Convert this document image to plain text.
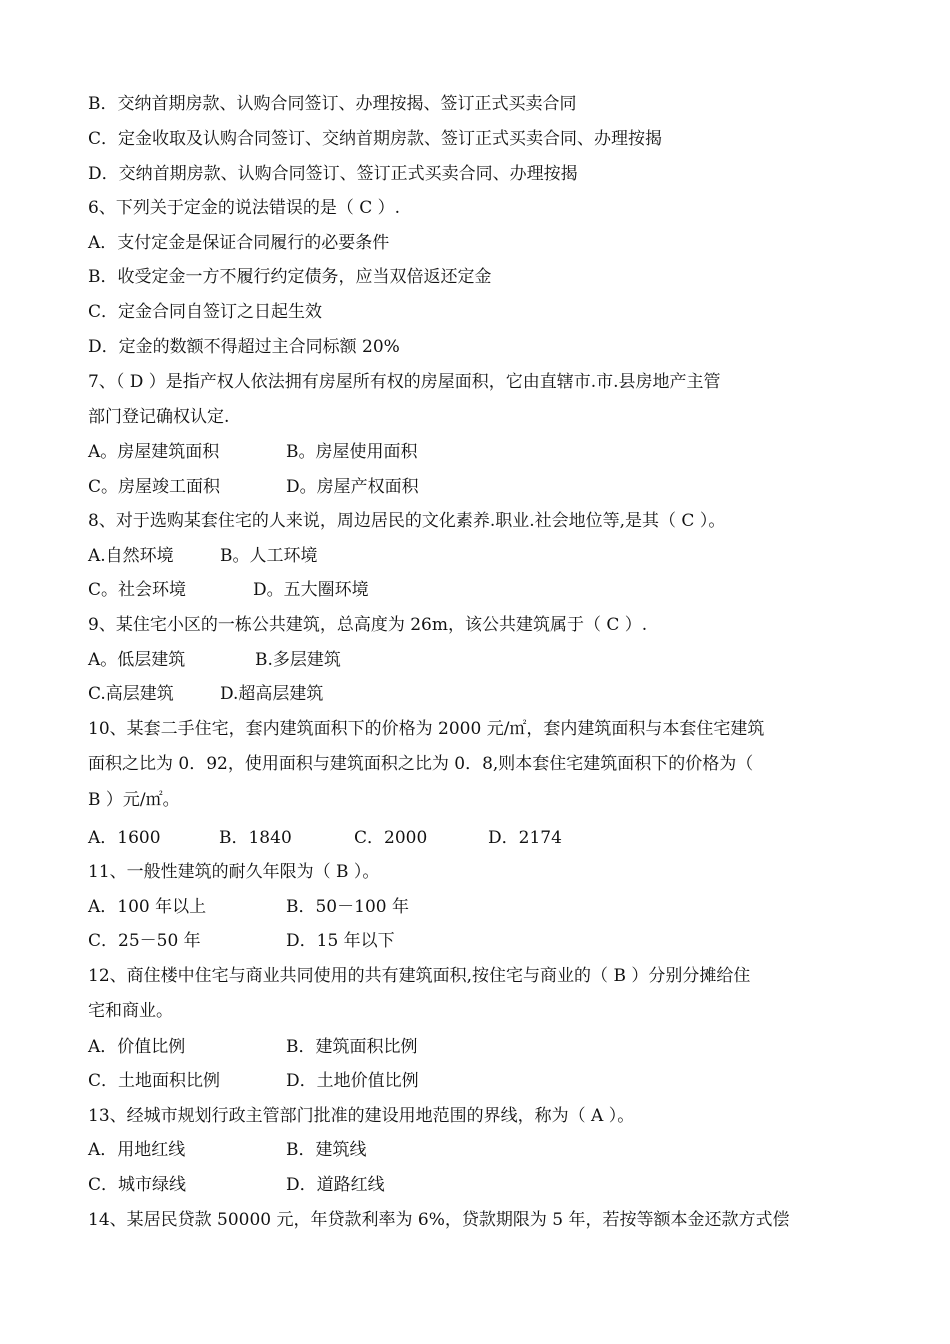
B．交纳首期房款、认购合同签订、办理按揭、签订正式买卖合同
C．定金收取及认购合同签订、交纳首期房款、签订正式买卖合同、办理按揭
D．交纳首期房款、认购合同签订、签订正式买卖合同、办理按揭
6、下列关于定金的说法错误的是（ C ）.
A．支付定金是保证合同履行的必要条件
B．收受定金一方不履行约定债务，应当双倍返还定金
C．定金合同自签订之日起生效
D．定金的数额不得超过主合同标额 20%
7、（ D ）是指产权人依法拥有房屋所有权的房屋面积，它由直辖市.市.县房地产主管
部门登记确权认定.
A。房屋建筑面积	B。房屋使用面积
C。房屋竣工面积	D。房屋产权面积
8、对于选购某套住宅的人来说，周边居民的文化素养.职业.社会地位等,是其（ C ）。
A.自然环境	B。人工环境
C。社会环境	D。五大圈环境
9、某住宅小区的一栋公共建筑，总高度为 26m，该公共建筑属于（ C ）.
A。低层建筑	B.多层建筑
C.高层建筑	D.超高层建筑
10、某套二手住宅，套内建筑面积下的价格为 2000 元/㎡，套内建筑面积与本套住宅建筑
面积之比为 0．92，使用面积与建筑面积之比为 0．8,则本套住宅建筑面积下的价格为（
B ）元/㎡。
A．1600	B．1840	C．2000	D．2174
11、一般性建筑的耐久年限为（ B ）。
A．100 年以上	B．50－100 年
C．25－50 年	D．15 年以下
12、商住楼中住宅与商业共同使用的共有建筑面积,按住宅与商业的（ B ）分别分摊给住
宅和商业。
A．价值比例	B．建筑面积比例
C．土地面积比例	D．土地价值比例
13、经城市规划行政主管部门批准的建设用地范围的界线，称为（ A ）。
A．用地红线	B．建筑线
C．城市绿线	D．道路红线
14、某居民贷款 50000 元，年贷款利率为 6%，贷款期限为 5 年，若按等额本金还款方式偿
